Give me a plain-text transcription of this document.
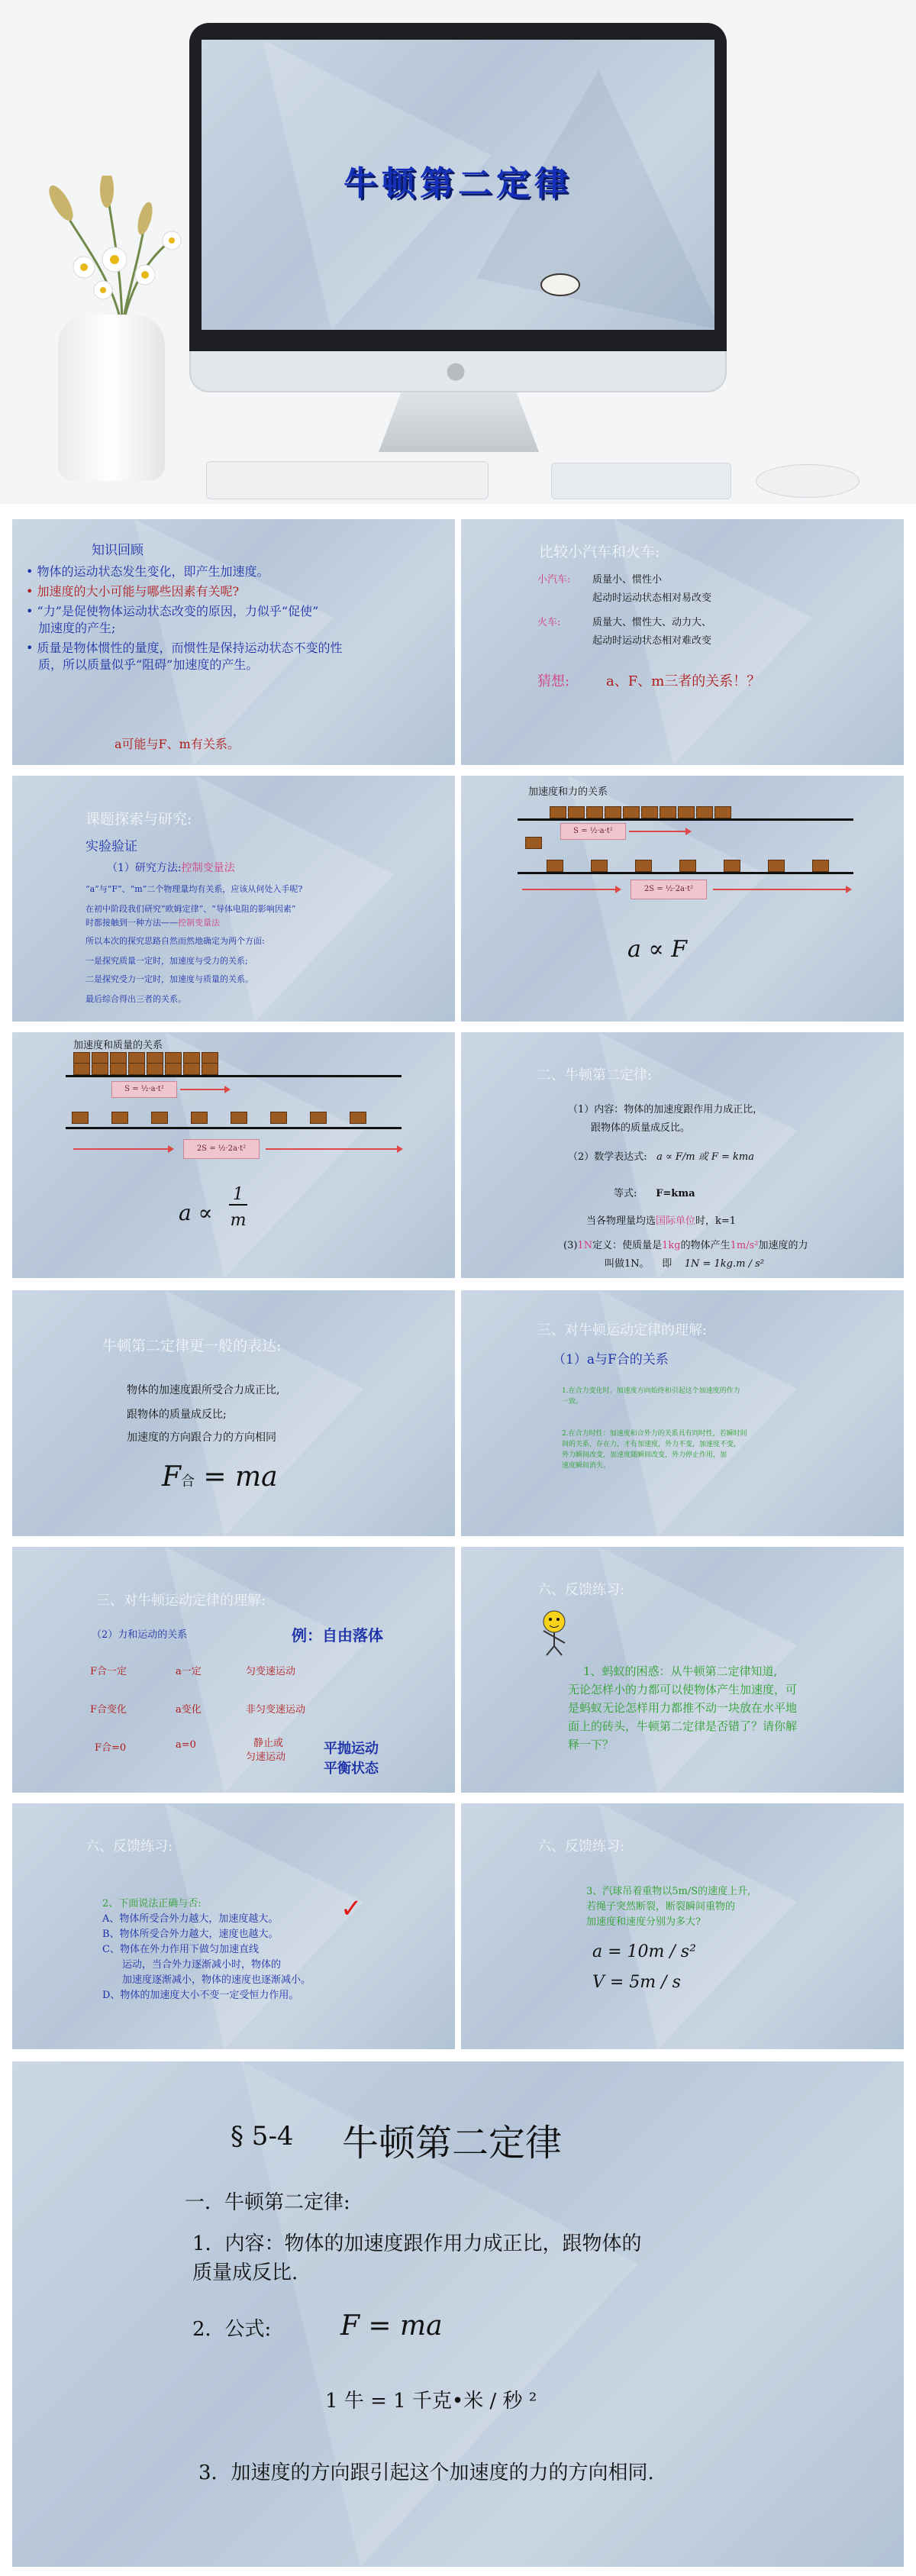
牛顿第二定律
●
知识回顾
• 物体的运动状态发生变化，即产生加速度。
• 加速度的大小可能与哪些因素有关呢?
• “力”是促使物体运动状态改变的原因，力似乎“促使”
加速度的产生;
• 质量是物体惯性的量度，而惯性是保持运动状态不变的性
质，所以质量似乎“阻碍”加速度的产生。
a可能与F、m有关系。
比较小汽车和火车:
小汽车: 质量小、惯性小
起动时运动状态相对易改变
火车:	质量大、惯性大、动力大、
起动时运动状态相对难改变
猜想:	a、F、m三者的关系！？
课题探索与研究:
实验验证
（1）研究方法:控制变量法
“a”与“F”、“m”二个物理量均有关系，应该从何处入手呢?
在初中阶段我们研究“欧姆定律”、“导体电阻的影响因素”
时都接触到一种方法——控制变量法
所以本次的探究思路自然而然地确定为两个方面:
一是探究质量一定时，加速度与受力的关系;
二是探究受力一定时，加速度与质量的关系。
最后综合得出三者的关系。
加速度和力的关系
S = ½·a·t²
2S = ½·2a·t²
a ∝ F
加速度和质量的关系
S = ½·a·t²
2S = ½·2a·t²
a ∝
1
m
二、牛顿第二定律:
（1）内容：物体的加速度跟作用力成正比，
跟物体的质量成反比。
（2）数学表达式: a ∝ F/m 或 F = kma
等式: F=kma
当各物理量均选国际单位时，k=1
(3)1N定义：使质量是1kg的物体产生1m/s²加速度的力
叫做1N。 即 1N = 1kg.m / s²
牛顿第二定律更一般的表达:
物体的加速度跟所受合力成正比,
跟物体的质量成反比;
加速度的方向跟合力的方向相同
F合 = ma
三、对牛顿运动定律的理解:
（1）a与F合的关系
1.在合力变化时，加速度方向始终和引起这个加速度的作力
一致。
2.在合力时性：加速度和合外力的关系具有同时性，若瞬时间
间的关系，存在力，才有加速度，外力不变，加速度不变，
外力瞬间改变，加速度随瞬间改变，外力停止作用，加
速度瞬间消失。
三、对牛顿运动定律的理解:
（2）力和运动的关系	例：自由落体
F合一定	a一定	匀变速运动
F合变化	a变化	非匀变速运动
F合=0	a=0	静止或
匀速运动
平抛运动
平衡状态
六、反馈练习:
1、蚂蚁的困惑：从牛顿第二定律知道,
无论怎样小的力都可以使物体产生加速度，可
是蚂蚁无论怎样用力都推不动一块放在水平地
面上的砖头，牛顿第二定律是否错了？请你解
释一下？
六、反馈练习:
2、下面说法正确与否:
A、物体所受合外力越大，加速度越大。 ✓
B、物体所受合外力越大，速度也越大。
C、物体在外力作用下做匀加速直线
运动，当合外力逐渐减小时，物体的
加速度逐渐减小，物体的速度也逐渐减小。
D、物体的加速度大小不变一定受恒力作用。
六、反馈练习:
3、汽球吊着重物以5m/S的速度上升,
若绳子突然断裂，断裂瞬间重物的
加速度和速度分别为多大?
a = 10m / s²
V = 5m / s
§ 5-4 牛顿第二定律
一．牛顿第二定律:
1．内容：物体的加速度跟作用力成正比，跟物体的
质量成反比.
2．公式:	F = ma
1 牛 = 1 千克•米 / 秒 ²
3．加速度的方向跟引起这个加速度的力的方向相同.
